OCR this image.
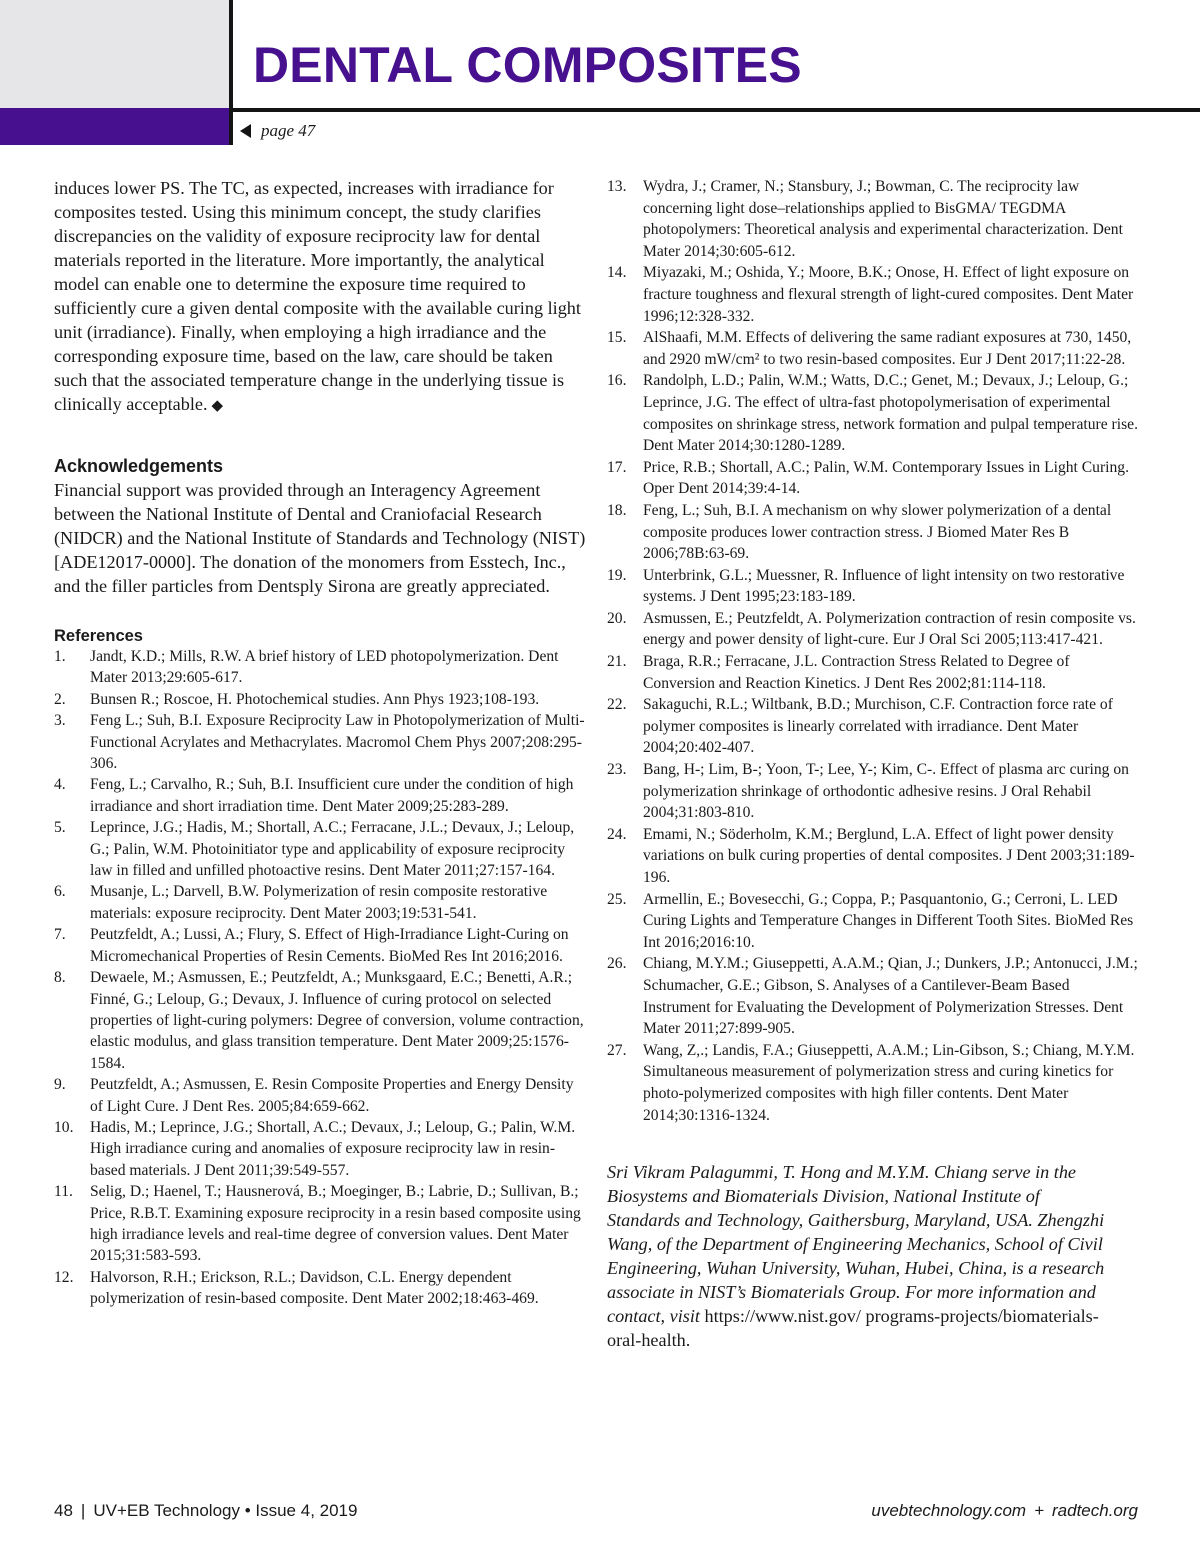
DENTAL COMPOSITES
page 47

induces lower PS. The TC, as expected, increases with irradiance for composites tested. Using this minimum concept, the study clarifies discrepancies on the validity of exposure reciprocity law for dental materials reported in the literature. More importantly, the analytical model can enable one to determine the exposure time required to sufficiently cure a given dental composite with the available curing light unit (irradiance). Finally, when employing a high irradiance and the corresponding exposure time, based on the law, care should be taken such that the associated temperature change in the underlying tissue is clinically acceptable. ◆

Acknowledgements

Financial support was provided through an Interagency Agreement between the National Institute of Dental and Craniofacial Research (NIDCR) and the National Institute of Standards and Technology (NIST) [ADE12017-0000]. The donation of the monomers from Esstech, Inc., and the filler particles from Dentsply Sirona are greatly appreciated.

References
1.	Jandt, K.D.; Mills, R.W. A brief history of LED photopolymerization. Dent Mater 2013;29:605-617.
2.	Bunsen R.; Roscoe, H. Photochemical studies. Ann Phys 1923;108-193.
3.	Feng L.; Suh, B.I. Exposure Reciprocity Law in Photopolymerization of Multi-Functional Acrylates and Methacrylates. Macromol Chem Phys 2007;208:295-306.
4.	Feng, L.; Carvalho, R.; Suh, B.I. Insufficient cure under the condition of high irradiance and short irradiation time. Dent Mater 2009;25:283-289.
5.	Leprince, J.G.; Hadis, M.; Shortall, A.C.; Ferracane, J.L.; Devaux, J.; Leloup, G.; Palin, W.M. Photoinitiator type and applicability of exposure reciprocity law in filled and unfilled photoactive resins. Dent Mater 2011;27:157-164.
6.	Musanje, L.; Darvell, B.W. Polymerization of resin composite restorative materials: exposure reciprocity. Dent Mater 2003;19:531-541.
7.	Peutzfeldt, A.; Lussi, A.; Flury, S. Effect of High-Irradiance Light-Curing on Micromechanical Properties of Resin Cements. BioMed Res Int 2016;2016.
8.	Dewaele, M.; Asmussen, E.; Peutzfeldt, A.; Munksgaard, E.C.; Benetti, A.R.; Finné, G.; Leloup, G.; Devaux, J. Influence of curing protocol on selected properties of light-curing polymers: Degree of conversion, volume contraction, elastic modulus, and glass transition temperature. Dent Mater 2009;25:1576-1584.
9.	Peutzfeldt, A.; Asmussen, E. Resin Composite Properties and Energy Density of Light Cure. J Dent Res. 2005;84:659-662.
10.	Hadis, M.; Leprince, J.G.; Shortall, A.C.; Devaux, J.; Leloup, G.; Palin, W.M. High irradiance curing and anomalies of exposure reciprocity law in resin-based materials. J Dent 2011;39:549-557.
11.	Selig, D.; Haenel, T.; Hausnerová, B.; Moeginger, B.; Labrie, D.; Sullivan, B.; Price, R.B.T. Examining exposure reciprocity in a resin based composite using high irradiance levels and real-time degree of conversion values. Dent Mater 2015;31:583-593.
12.	Halvorson, R.H.; Erickson, R.L.; Davidson, C.L. Energy dependent polymerization of resin-based composite. Dent Mater 2002;18:463-469.
13.	Wydra, J.; Cramer, N.; Stansbury, J.; Bowman, C. The reciprocity law concerning light dose–relationships applied to BisGMA/ TEGDMA photopolymers: Theoretical analysis and experimental characterization. Dent Mater 2014;30:605-612.
14.	Miyazaki, M.; Oshida, Y.; Moore, B.K.; Onose, H. Effect of light exposure on fracture toughness and flexural strength of light-cured composites. Dent Mater 1996;12:328-332.
15.	AlShaafi, M.M. Effects of delivering the same radiant exposures at 730, 1450, and 2920 mW/cm² to two resin-based composites. Eur J Dent 2017;11:22-28.
16.	Randolph, L.D.; Palin, W.M.; Watts, D.C.; Genet, M.; Devaux, J.; Leloup, G.; Leprince, J.G. The effect of ultra-fast photopolymerisation of experimental composites on shrinkage stress, network formation and pulpal temperature rise. Dent Mater 2014;30:1280-1289.
17.	Price, R.B.; Shortall, A.C.; Palin, W.M. Contemporary Issues in Light Curing. Oper Dent 2014;39:4-14.
18.	Feng, L.; Suh, B.I. A mechanism on why slower polymerization of a dental composite produces lower contraction stress. J Biomed Mater Res B 2006;78B:63-69.
19.	Unterbrink, G.L.; Muessner, R. Influence of light intensity on two restorative systems. J Dent 1995;23:183-189.
20.	Asmussen, E.; Peutzfeldt, A. Polymerization contraction of resin composite vs. energy and power density of light-cure. Eur J Oral Sci 2005;113:417-421.
21.	Braga, R.R.; Ferracane, J.L. Contraction Stress Related to Degree of Conversion and Reaction Kinetics. J Dent Res 2002;81:114-118.
22.	Sakaguchi, R.L.; Wiltbank, B.D.; Murchison, C.F. Contraction force rate of polymer composites is linearly correlated with irradiance. Dent Mater 2004;20:402-407.
23.	Bang, H-; Lim, B-; Yoon, T-; Lee, Y-; Kim, C-. Effect of plasma arc curing on polymerization shrinkage of orthodontic adhesive resins. J Oral Rehabil 2004;31:803-810.
24.	Emami, N.; Söderholm, K.M.; Berglund, L.A. Effect of light power density variations on bulk curing properties of dental composites. J Dent 2003;31:189-196.
25.	Armellin, E.; Bovesecchi, G.; Coppa, P.; Pasquantonio, G.; Cerroni, L. LED Curing Lights and Temperature Changes in Different Tooth Sites. BioMed Res Int 2016;2016:10.
26.	Chiang, M.Y.M.; Giuseppetti, A.A.M.; Qian, J.; Dunkers, J.P.; Antonucci, J.M.; Schumacher, G.E.; Gibson, S. Analyses of a Cantilever-Beam Based Instrument for Evaluating the Development of Polymerization Stresses. Dent Mater 2011;27:899-905.
27.	Wang, Z,.; Landis, F.A.; Giuseppetti, A.A.M.; Lin-Gibson, S.; Chiang, M.Y.M. Simultaneous measurement of polymerization stress and curing kinetics for photo-polymerized composites with high filler contents. Dent Mater 2014;30:1316-1324.

Sri Vikram Palagummi, T. Hong and M.Y.M. Chiang serve in the Biosystems and Biomaterials Division, National Institute of Standards and Technology, Gaithersburg, Maryland, USA. Zhengzhi Wang, of the Department of Engineering Mechanics, School of Civil Engineering, Wuhan University, Wuhan, Hubei, China, is a research associate in NIST’s Biomaterials Group. For more information and contact, visit https://www.nist.gov/ programs-projects/biomaterials-oral-health.

48 | UV+EB Technology • Issue 4, 2019	uvebtechnology.com + radtech.org
